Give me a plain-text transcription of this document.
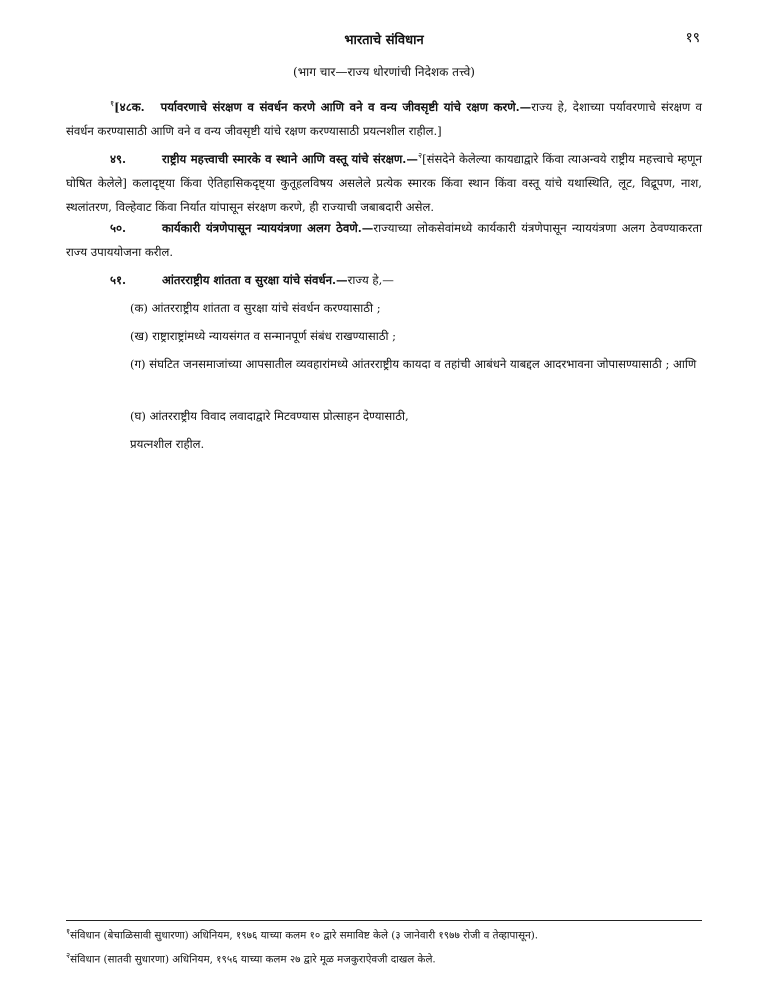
भारताचे संविधान	१९
(भाग चार—राज्य धोरणांची निदेशक तत्त्वे)
$^१$[४८क. पर्यावरणाचे संरक्षण व संवर्धन करणे आणि वने व वन्य जीवसृष्टी यांचे रक्षण करणे.—राज्य हे, देशाच्या पर्यावरणाचे संरक्षण व संवर्धन करण्यासाठी आणि वने व वन्य जीवसृष्टी यांचे रक्षण करण्यासाठी प्रयत्नशील राहील.]
४९.	राष्ट्रीय महत्त्वाची स्मारके व स्थाने आणि वस्तू यांचे संरक्षण.—$^२$[संसदेने केलेल्या कायद्याद्वारे किंवा त्याअन्वये राष्ट्रीय महत्त्वाचे म्हणून घोषित केलेले] कलादृष्ट्या किंवा ऐतिहासिकदृष्ट्या कुतूहलविषय असलेले प्रत्येक स्मारक किंवा स्थान किंवा वस्तू यांचे यथास्थिति, लूट, विद्रूपण, नाश, स्थलांतरण, विल्हेवाट किंवा निर्यात यांपासून संरक्षण करणे, ही राज्याची जबाबदारी असेल.
५०.	कार्यकारी यंत्रणेपासून न्याययंत्रणा अलग ठेवणे.—राज्याच्या लोकसेवांमध्ये कार्यकारी यंत्रणेपासून न्याययंत्रणा अलग ठेवण्याकरता राज्य उपाययोजना करील.
५१.	आंतरराष्ट्रीय शांतता व सुरक्षा यांचे संवर्धन.—राज्य हे,—
(क) आंतरराष्ट्रीय शांतता व सुरक्षा यांचे संवर्धन करण्यासाठी ;
(ख) राष्ट्राराष्ट्रांमध्ये न्यायसंगत व सन्मानपूर्ण संबंध राखण्यासाठी ;
(ग) संघटित जनसमाजांच्या आपसातील व्यवहारांमध्ये आंतरराष्ट्रीय कायदा व तहांची आबंधने याबद्दल आदरभावना जोपासण्यासाठी ; आणि
(घ) आंतरराष्ट्रीय विवाद लवादाद्वारे मिटवण्यास प्रोत्साहन देण्यासाठी,
प्रयत्नशील राहील.
$^१$संविधान (बेचाळिसावी सुधारणा) अधिनियम, १९७६ याच्या कलम १० द्वारे समाविष्ट केले (३ जानेवारी १९७७ रोजी व तेव्हापासून).
$^२$संविधान (सातवी सुधारणा) अधिनियम, १९५६ याच्या कलम २७ द्वारे मूळ मजकुराऐवजी दाखल केले.
